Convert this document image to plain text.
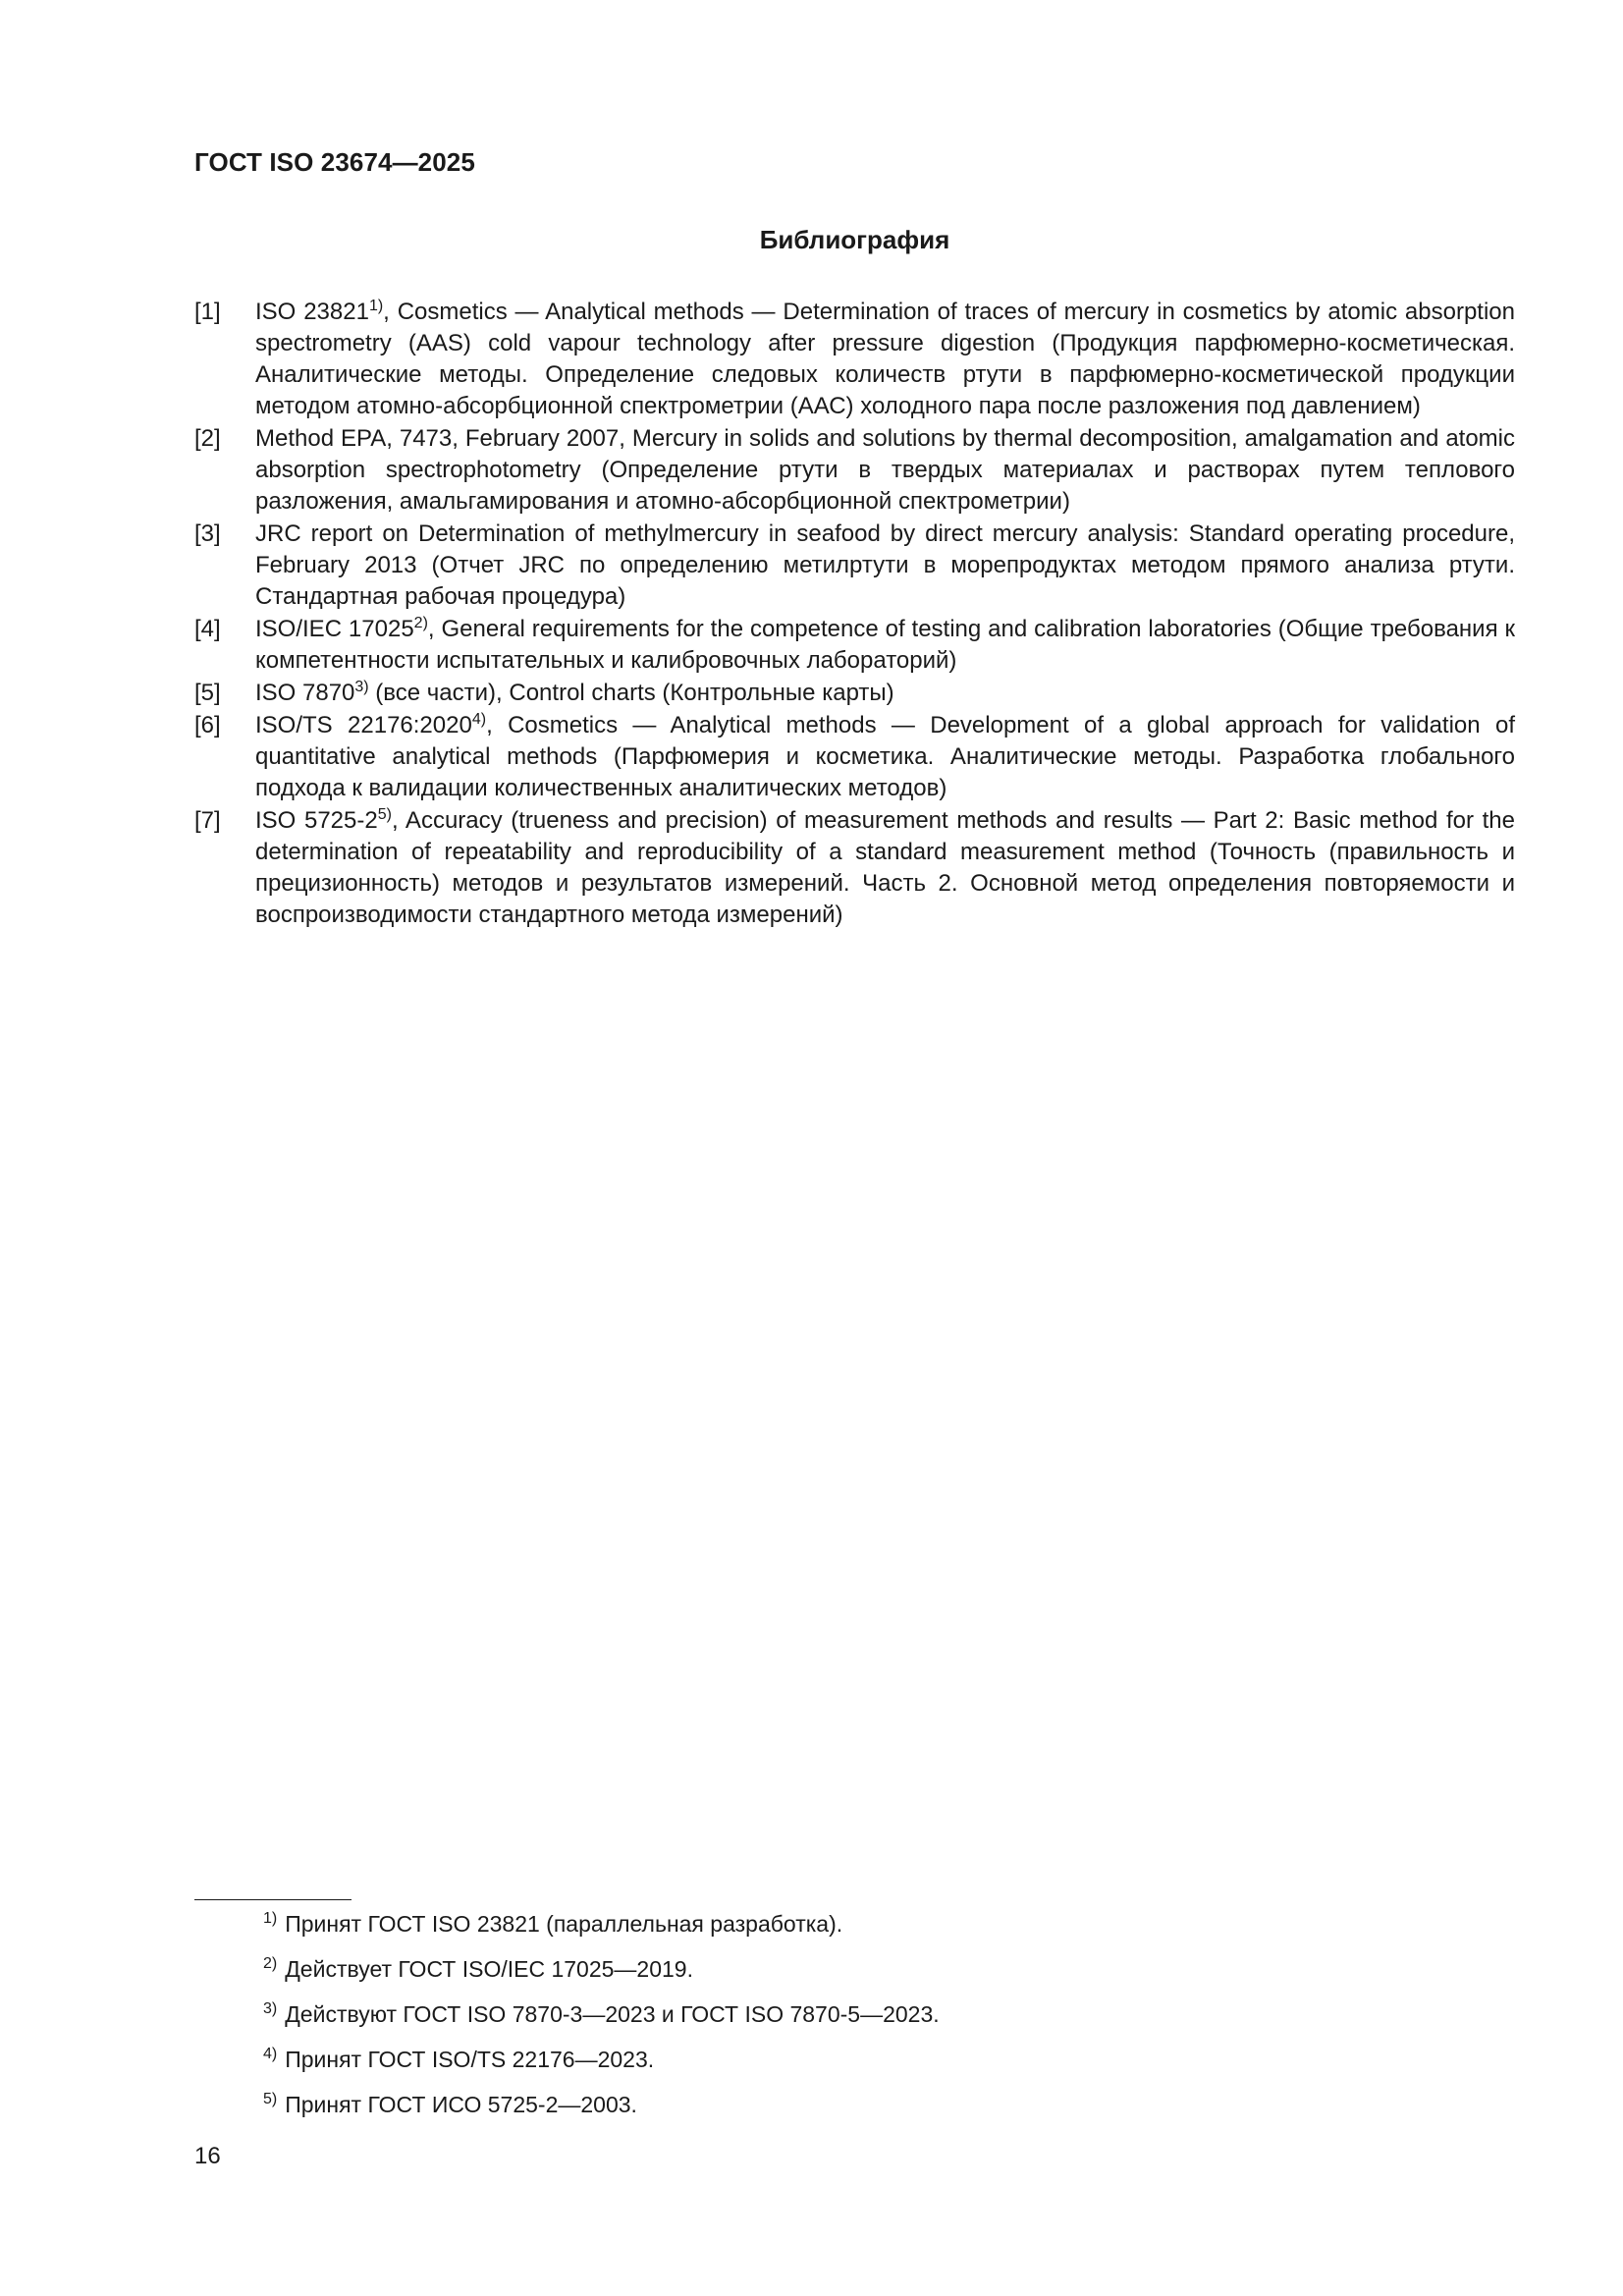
ГОСТ ISO 23674—2025
Библиография
[1] ISO 23821$^{1)}$, Cosmetics — Analytical methods — Determination of traces of mercury in cosmetics by atomic absorption spectrometry (AAS) cold vapour technology after pressure digestion (Продукция парфюмерно-косметическая. Аналитические методы. Определение следовых количеств ртути в парфюмерно-косметической продукции методом атомно-абсорбционной спектрометрии (ААС) холодного пара после разложения под давлением)
[2] Method EPA, 7473, February 2007, Mercury in solids and solutions by thermal decomposition, amalgamation and atomic absorption spectrophotometry (Определение ртути в твердых материалах и растворах путем теплового разложения, амальгамирования и атомно-абсорбционной спектрометрии)
[3] JRC report on Determination of methylmercury in seafood by direct mercury analysis: Standard operating procedure, February 2013 (Отчет JRC по определению метилртути в морепродуктах методом прямого анализа ртути. Стандартная рабочая процедура)
[4] ISO/IEC 17025$^{2)}$, General requirements for the competence of testing and calibration laboratories (Общие требования к компетентности испытательных и калибровочных лабораторий)
[5] ISO 7870$^{3)}$ (все части), Control charts (Контрольные карты)
[6] ISO/TS 22176:2020$^{4)}$, Cosmetics — Analytical methods — Development of a global approach for validation of quantitative analytical methods (Парфюмерия и косметика. Аналитические методы. Разработка глобального подхода к валидации количественных аналитических методов)
[7] ISO 5725-2$^{5)}$, Accuracy (trueness and precision) of measurement methods and results — Part 2: Basic method for the determination of repeatability and reproducibility of a standard measurement method (Точность (правильность и прецизионность) методов и результатов измерений. Часть 2. Основной метод определения повторяемости и воспроизводимости стандартного метода измерений)
$^{1)}$ Принят ГОСТ ISO 23821 (параллельная разработка).
$^{2)}$ Действует ГОСТ ISO/IEC 17025—2019.
$^{3)}$ Действуют ГОСТ ISO 7870-3—2023 и ГОСТ ISO 7870-5—2023.
$^{4)}$ Принят ГОСТ ISO/TS 22176—2023.
$^{5)}$ Принят ГОСТ ИСО 5725-2—2003.
16
